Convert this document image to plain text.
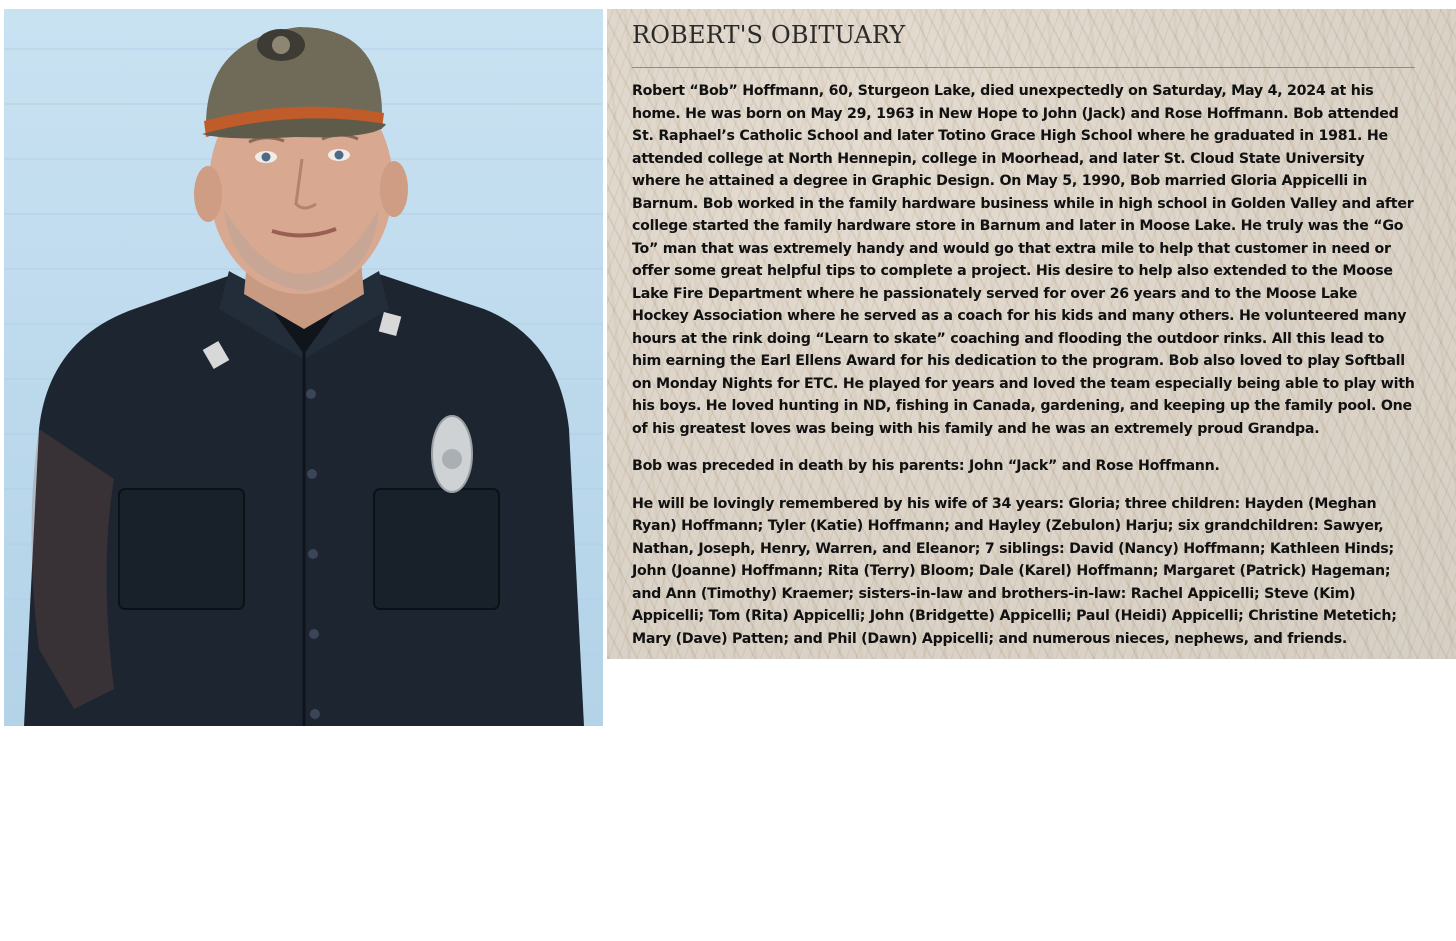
ROBERT'S OBITUARY

Robert “Bob” Hoffmann, 60, Sturgeon Lake, died unexpectedly on Saturday, May 4, 2024 at his home. He was born on May 29, 1963 in New Hope to John (Jack) and Rose Hoffmann. Bob attended St. Raphael’s Catholic School and later Totino Grace High School where he graduated in 1981. He attended college at North Hennepin, college in Moorhead, and later St. Cloud State University where he attained a degree in Graphic Design. On May 5, 1990, Bob married Gloria Appicelli in Barnum. Bob worked in the family hardware business while in high school in Golden Valley and after college started the family hardware store in Barnum and later in Moose Lake. He truly was the “Go To” man that was extremely handy and would go that extra mile to help that customer in need or offer some great helpful tips to complete a project. His desire to help also extended to the Moose Lake Fire Department where he passionately served for over 26 years and to the Moose Lake Hockey Association where he served as a coach for his kids and many others. He volunteered many hours at the rink doing “Learn to skate” coaching and flooding the outdoor rinks. All this lead to him earning the Earl Ellens Award for his dedication to the program. Bob also loved to play Softball on Monday Nights for ETC. He played for years and loved the team especially being able to play with his boys. He loved hunting in ND, fishing in Canada, gardening, and keeping up the family pool. One of his greatest loves was being with his family and he was an extremely proud Grandpa.

Bob was preceded in death by his parents: John “Jack” and Rose Hoffmann.

He will be lovingly remembered by his wife of 34 years: Gloria; three children: Hayden (Meghan Ryan) Hoffmann; Tyler (Katie) Hoffmann; and Hayley (Zebulon) Harju; six grandchildren: Sawyer, Nathan, Joseph, Henry, Warren, and Eleanor; 7 siblings: David (Nancy) Hoffmann; Kathleen Hinds; John (Joanne) Hoffmann; Rita (Terry) Bloom; Dale (Karel) Hoffmann; Margaret (Patrick) Hageman; and Ann (Timothy) Kraemer; sisters-in-law and brothers-in-law: Rachel Appicelli; Steve (Kim) Appicelli; Tom (Rita) Appicelli; John (Bridgette) Appicelli; Paul (Heidi) Appicelli; Christine Metetich; Mary (Dave) Patten; and Phil (Dawn) Appicelli; and numerous nieces, nephews, and friends.
